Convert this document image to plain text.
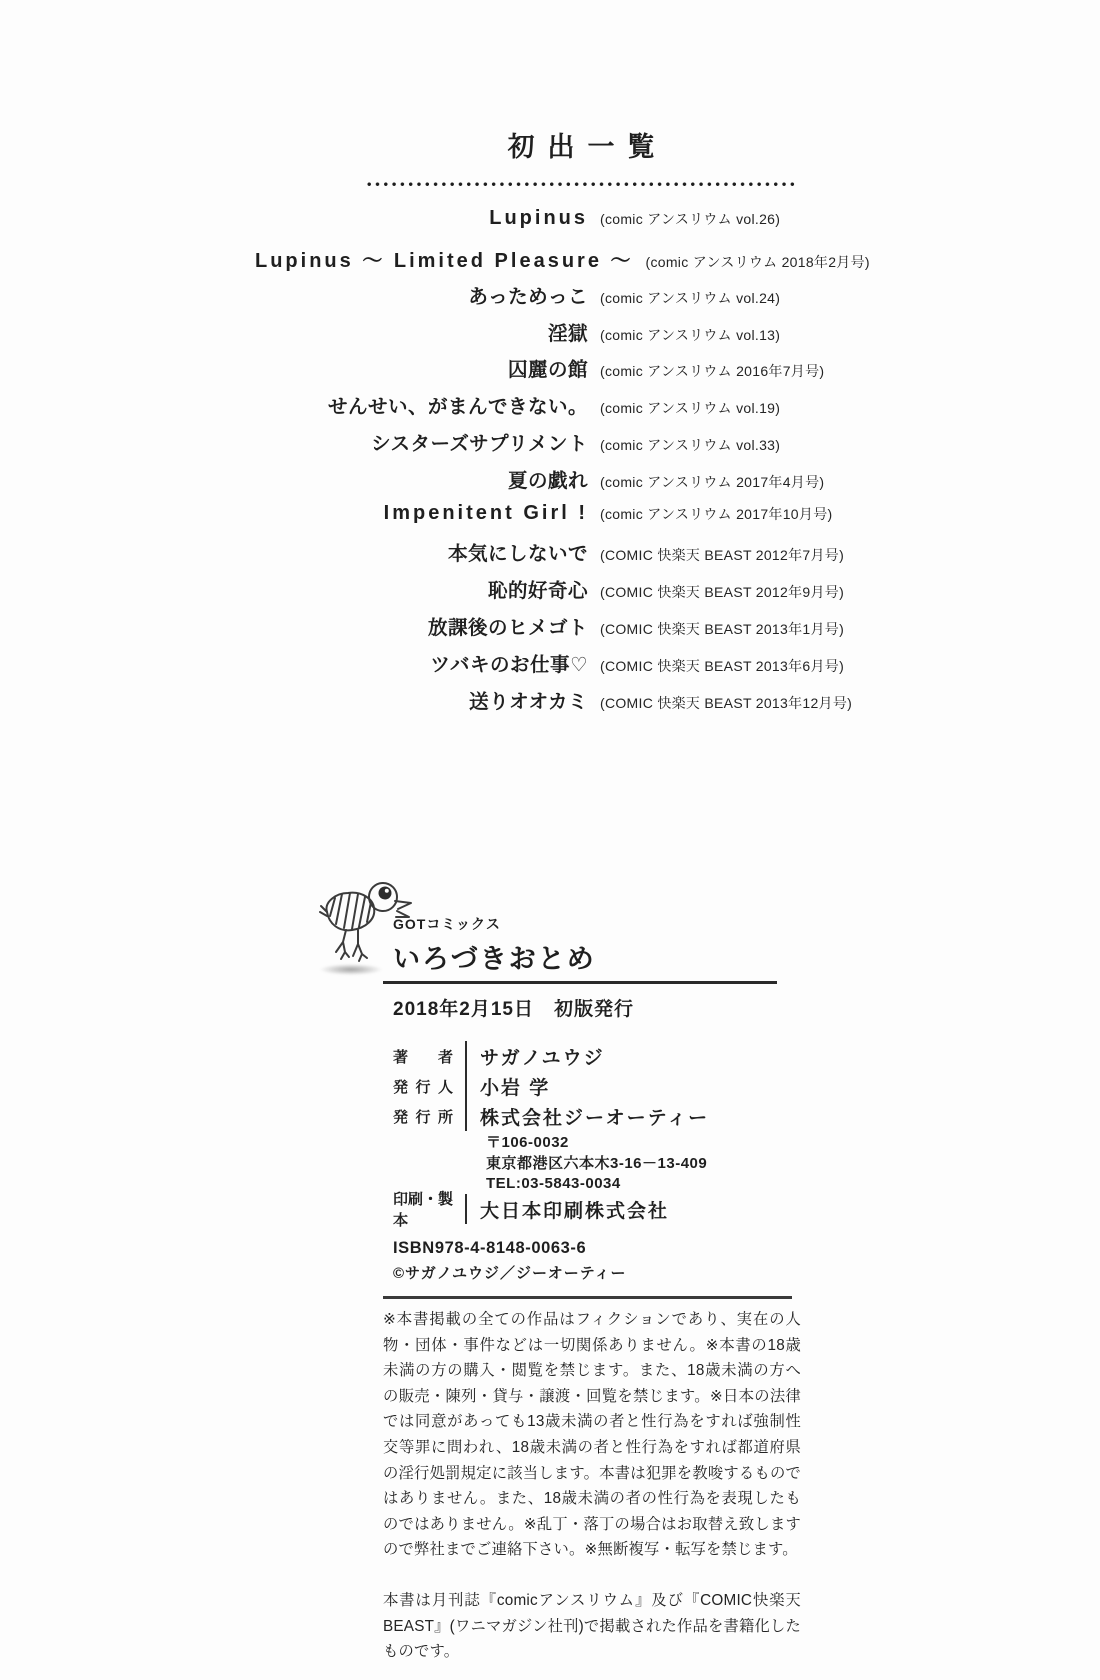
初出一覧
Lupinus (comic アンスリウム vol.26)
Lupinus ～ Limited Pleasure ～ (comic アンスリウム 2018年2月号)
あっためっこ (comic アンスリウム vol.24)
淫獄 (comic アンスリウム vol.13)
囚麗の館 (comic アンスリウム 2016年7月号)
せんせい、がまんできない。 (comic アンスリウム vol.19)
シスターズサプリメント (comic アンスリウム vol.33)
夏の戯れ (comic アンスリウム 2017年4月号)
Impenitent Girl ! (comic アンスリウム 2017年10月号)
本気にしないで (COMIC 快楽天 BEAST 2012年7月号)
恥的好奇心 (COMIC 快楽天 BEAST 2012年9月号)
放課後のヒメゴト (COMIC 快楽天 BEAST 2013年1月号)
ツバキのお仕事♡ (COMIC 快楽天 BEAST 2013年6月号)
送りオオカミ (COMIC 快楽天 BEAST 2013年12月号)
GOTコミックス
いろづきおとめ
2018年2月15日　初版発行
著者	サガノユウジ
発行人	小岩 学
発行所	株式会社ジーオーティー
〒106-0032
東京都港区六本木3-16－13-409
TEL:03-5843-0034
印刷・製本	大日本印刷株式会社
ISBN978-4-8148-0063-6
©サガノユウジ／ジーオーティー

※本書掲載の全ての作品はフィクションであり、実在の人物・団体・事件などは一切関係ありません。※本書の18歳未満の方の購入・閲覧を禁じます。また、18歳未満の方への販売・陳列・貸与・譲渡・回覧を禁じます。※日本の法律では同意があっても13歳未満の者と性行為をすれば強制性交等罪に問われ、18歳未満の者と性行為をすれば都道府県の淫行処罰規定に該当します。本書は犯罪を教唆するものではありません。また、18歳未満の者の性行為を表現したものではありません。※乱丁・落丁の場合はお取替え致しますので弊社までご連絡下さい。※無断複写・転写を禁じます。

本書は月刊誌『comicアンスリウム』及び『COMIC快楽天BEAST』(ワニマガジン社刊)で掲載された作品を書籍化したものです。
